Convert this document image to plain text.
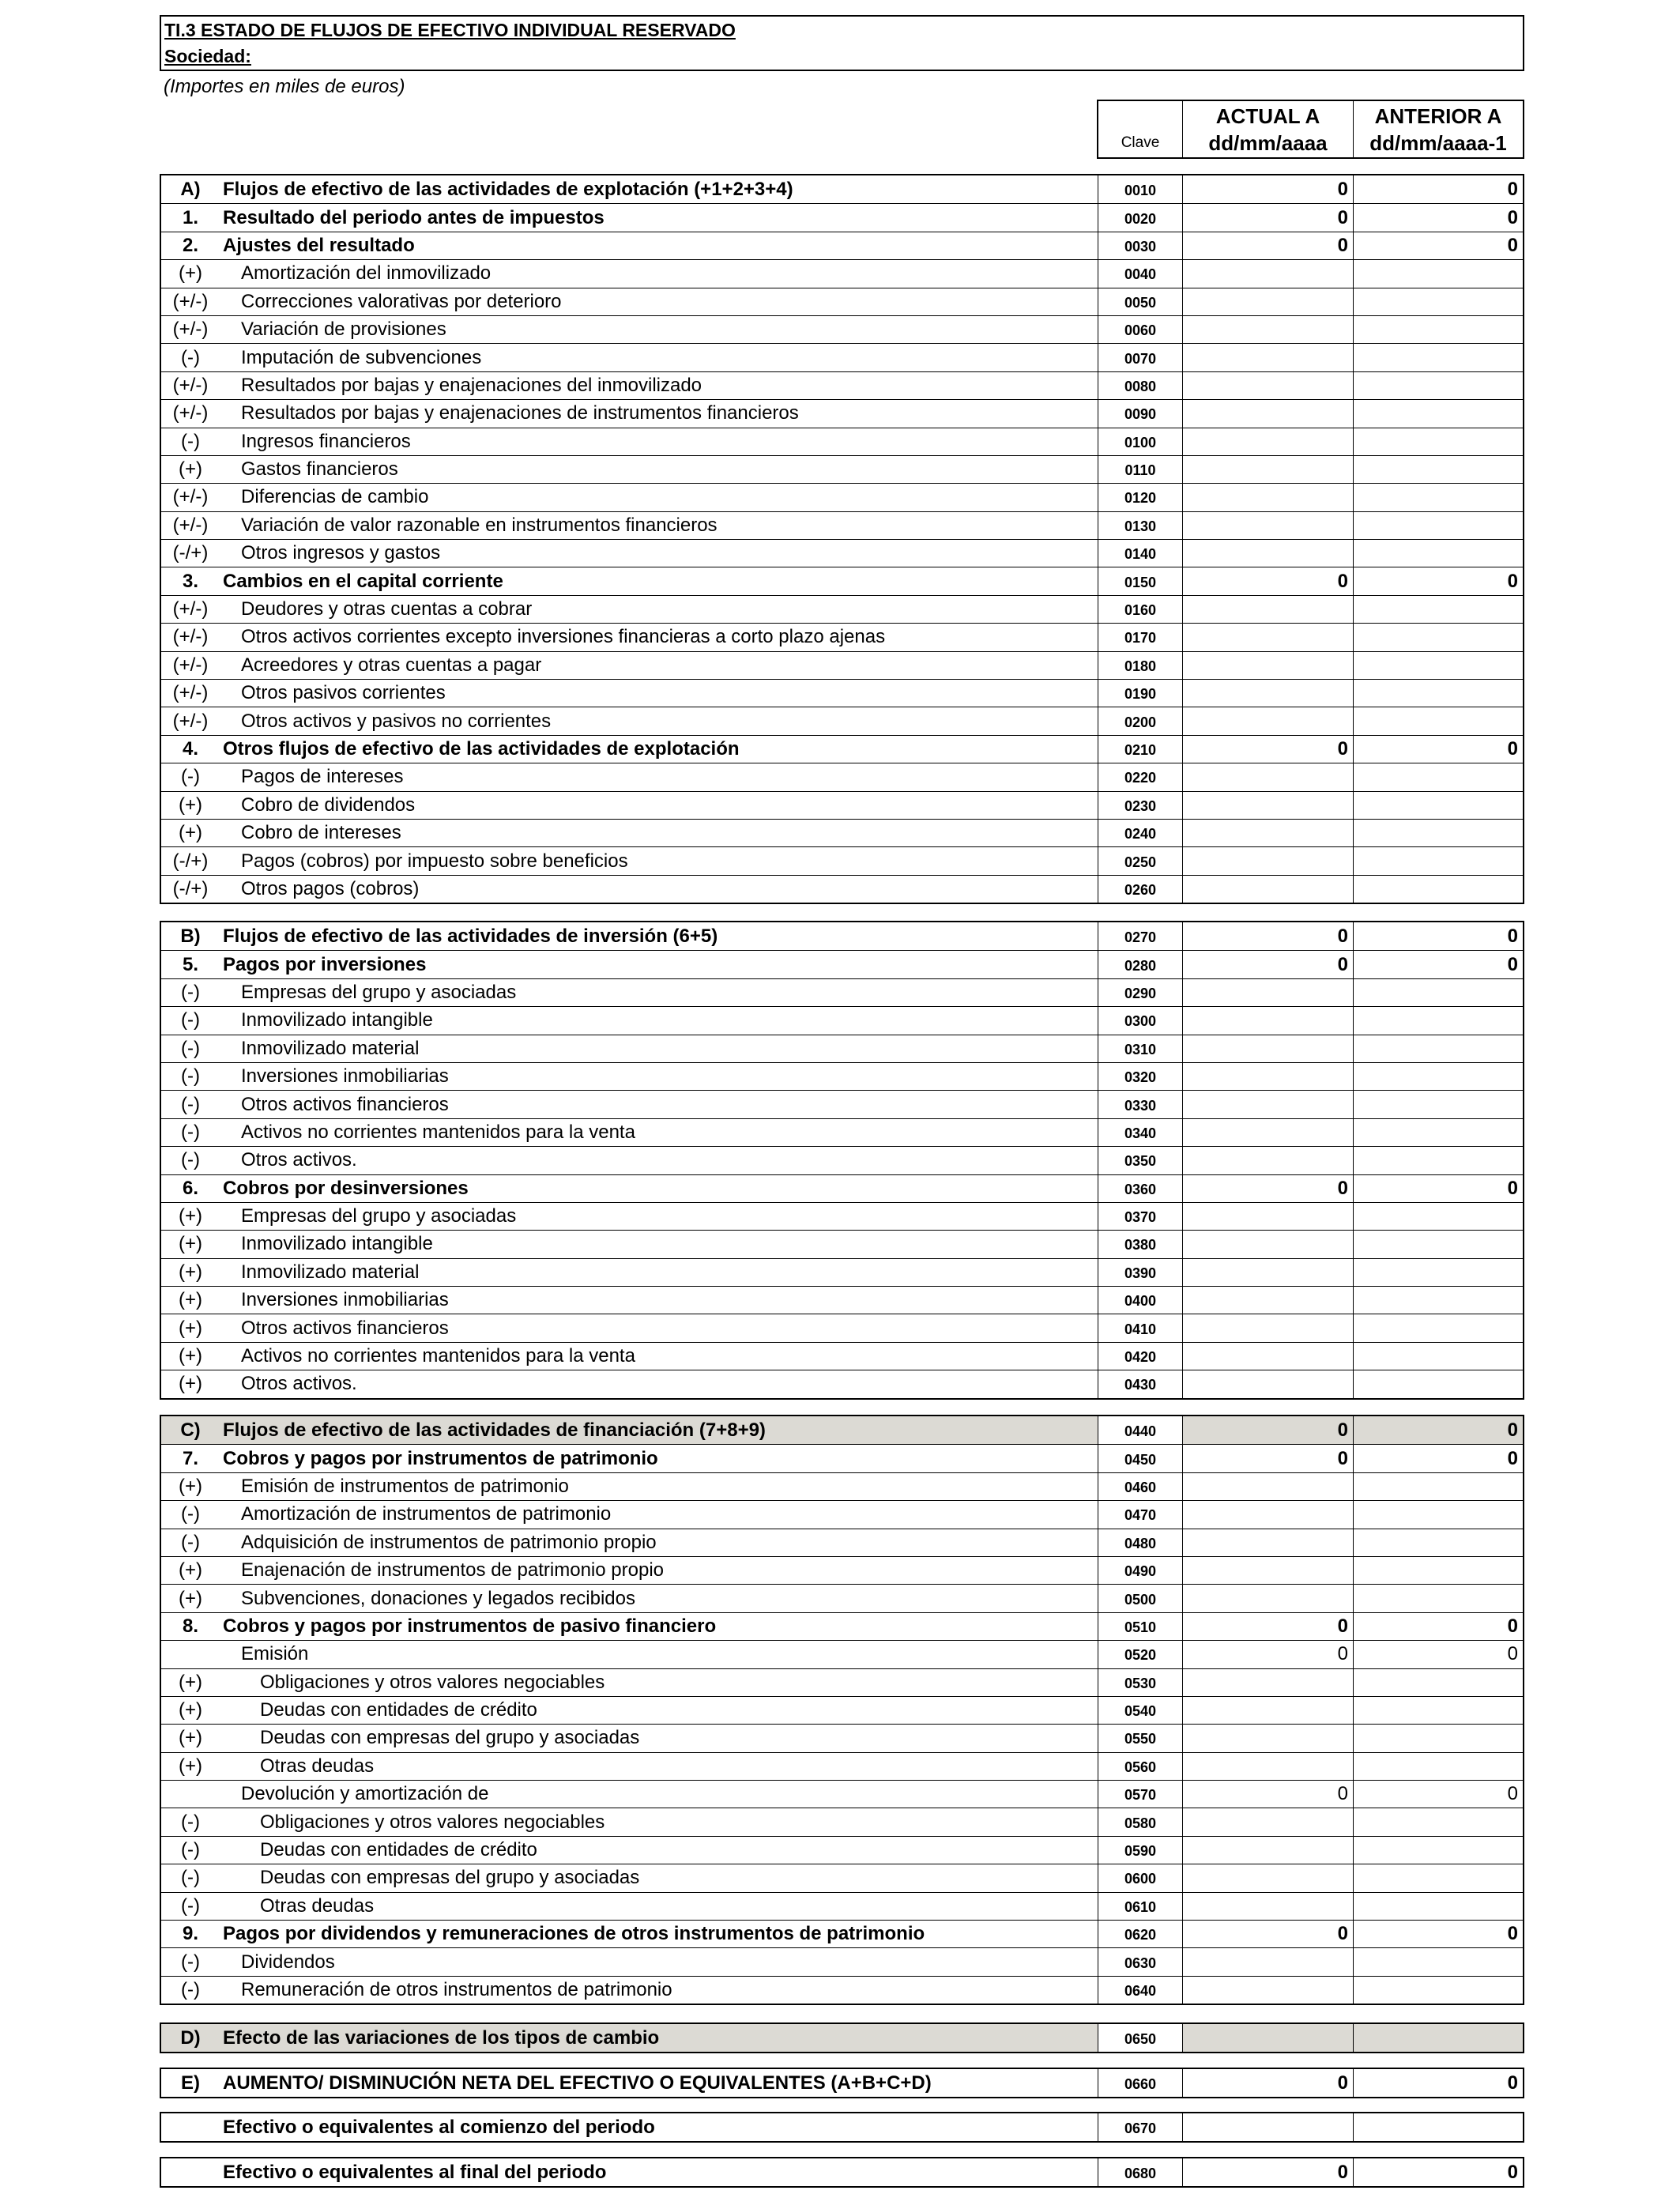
TI.3 ESTADO DE FLUJOS DE EFECTIVO INDIVIDUAL RESERVADO
Sociedad:
(Importes en miles de euros)
Clave
ACTUAL A
dd/mm/aaaa
ANTERIOR A
dd/mm/aaaa-1
A)	Flujos de efectivo de las actividades de explotación (+1+2+3+4)	0010	0	0
1.	Resultado del periodo antes de impuestos	0020	0	0
2.	Ajustes del resultado	0030	0	0
(+)	Amortización del inmovilizado	0040
(+/-)	Correcciones valorativas por deterioro	0050
(+/-)	Variación de provisiones	0060
(-)	Imputación de subvenciones	0070
(+/-)	Resultados por bajas y enajenaciones del inmovilizado	0080
(+/-)	Resultados por bajas y enajenaciones de instrumentos financieros	0090
(-)	Ingresos financieros	0100
(+)	Gastos financieros	0110
(+/-)	Diferencias de cambio	0120
(+/-)	Variación de valor razonable en instrumentos financieros	0130
(-/+)	Otros ingresos y gastos	0140
3.	Cambios en el capital corriente	0150	0	0
(+/-)	Deudores y otras cuentas a cobrar	0160
(+/-)	Otros activos corrientes excepto inversiones financieras a corto plazo ajenas	0170
(+/-)	Acreedores y otras cuentas a pagar	0180
(+/-)	Otros pasivos corrientes	0190
(+/-)	Otros activos y pasivos no corrientes	0200
4.	Otros flujos de efectivo de las actividades de explotación	0210	0	0
(-)	Pagos de intereses	0220
(+)	Cobro de dividendos	0230
(+)	Cobro de intereses	0240
(-/+)	Pagos (cobros) por impuesto sobre beneficios	0250
(-/+)	Otros pagos (cobros)	0260
B)	Flujos de efectivo de las actividades de inversión (6+5)	0270	0	0
5.	Pagos por inversiones	0280	0	0
(-)	Empresas del grupo y asociadas	0290
(-)	Inmovilizado intangible	0300
(-)	Inmovilizado material	0310
(-)	Inversiones inmobiliarias	0320
(-)	Otros activos financieros	0330
(-)	Activos no corrientes mantenidos para la venta	0340
(-)	Otros activos.	0350
6.	Cobros por desinversiones	0360	0	0
(+)	Empresas del grupo y asociadas	0370
(+)	Inmovilizado intangible	0380
(+)	Inmovilizado material	0390
(+)	Inversiones inmobiliarias	0400
(+)	Otros activos financieros	0410
(+)	Activos no corrientes mantenidos para la venta	0420
(+)	Otros activos.	0430
C)	Flujos de efectivo de las actividades de financiación (7+8+9)	0440	0	0
7.	Cobros y pagos por instrumentos de patrimonio	0450	0	0
(+)	Emisión de instrumentos de patrimonio	0460
(-)	Amortización de instrumentos de patrimonio	0470
(-)	Adquisición de instrumentos de patrimonio propio	0480
(+)	Enajenación de instrumentos de patrimonio propio	0490
(+)	Subvenciones, donaciones y legados recibidos	0500
8.	Cobros y pagos por instrumentos de pasivo financiero	0510	0	0
Emisión	0520	0	0
(+)	Obligaciones y otros valores negociables	0530
(+)	Deudas con entidades de crédito	0540
(+)	Deudas con empresas del grupo y asociadas	0550
(+)	Otras deudas	0560
Devolución y amortización de	0570	0	0
(-)	Obligaciones y otros valores negociables	0580
(-)	Deudas con entidades de crédito	0590
(-)	Deudas con empresas del grupo y asociadas	0600
(-)	Otras deudas	0610
9.	Pagos por dividendos y remuneraciones de otros instrumentos de patrimonio	0620	0	0
(-)	Dividendos	0630
(-)	Remuneración de otros instrumentos de patrimonio	0640
D)	Efecto de las variaciones de los tipos de cambio	0650
E)	AUMENTO/ DISMINUCIÓN NETA DEL EFECTIVO O EQUIVALENTES (A+B+C+D)	0660	0	0
Efectivo o equivalentes al comienzo del periodo	0670
Efectivo o equivalentes al final del periodo	0680	0	0
